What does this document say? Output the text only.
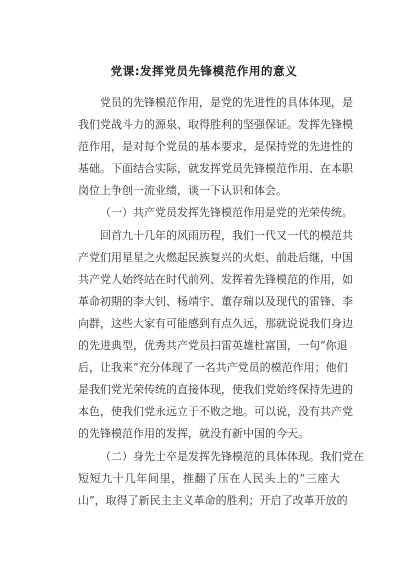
党课:发挥党员先锋模范作用的意义

党员的先锋模范作用，是党的先进性的具体体现，是
我们党战斗力的源泉、取得胜利的坚强保证。发挥先锋模
范作用，是对每个党员的基本要求，是保持党的先进性的
基础。下面结合实际，就发挥党员先锋模范作用、在本职
岗位上争创一流业绩，谈一下认识和体会。

（一）共产党员发挥先锋模范作用是党的光荣传统。

回首九十几年的风雨历程，我们一代又一代的模范共
产党们用星星之火燃起民族复兴的火炬、前赴后继，中国
共产党人始终站在时代前列、发挥着先锋模范的作用，如
革命初期的李大钊、杨靖宇、董存瑞以及现代的雷锋、李
向群，这些大家有可能感到有点久远，那就说说我们身边
的先进典型，优秀共产党员扫雷英雄杜富国，一句“你退
后，让我来”充分体现了一名共产党员的模范作用；他们
是我们党光荣传统的直接体现，使我们党始终保持先进的
本色，使我们党永远立于不败之地。可以说，没有共产党
的先锋模范作用的发挥，就没有新中国的今天。

（二）身先士卒是发挥先锋模范的具体体现。我们党在
短短九十几年间里，推翻了压在人民头上的“三座大
山”，取得了新民主主义革命的胜利；开启了改革开放的
